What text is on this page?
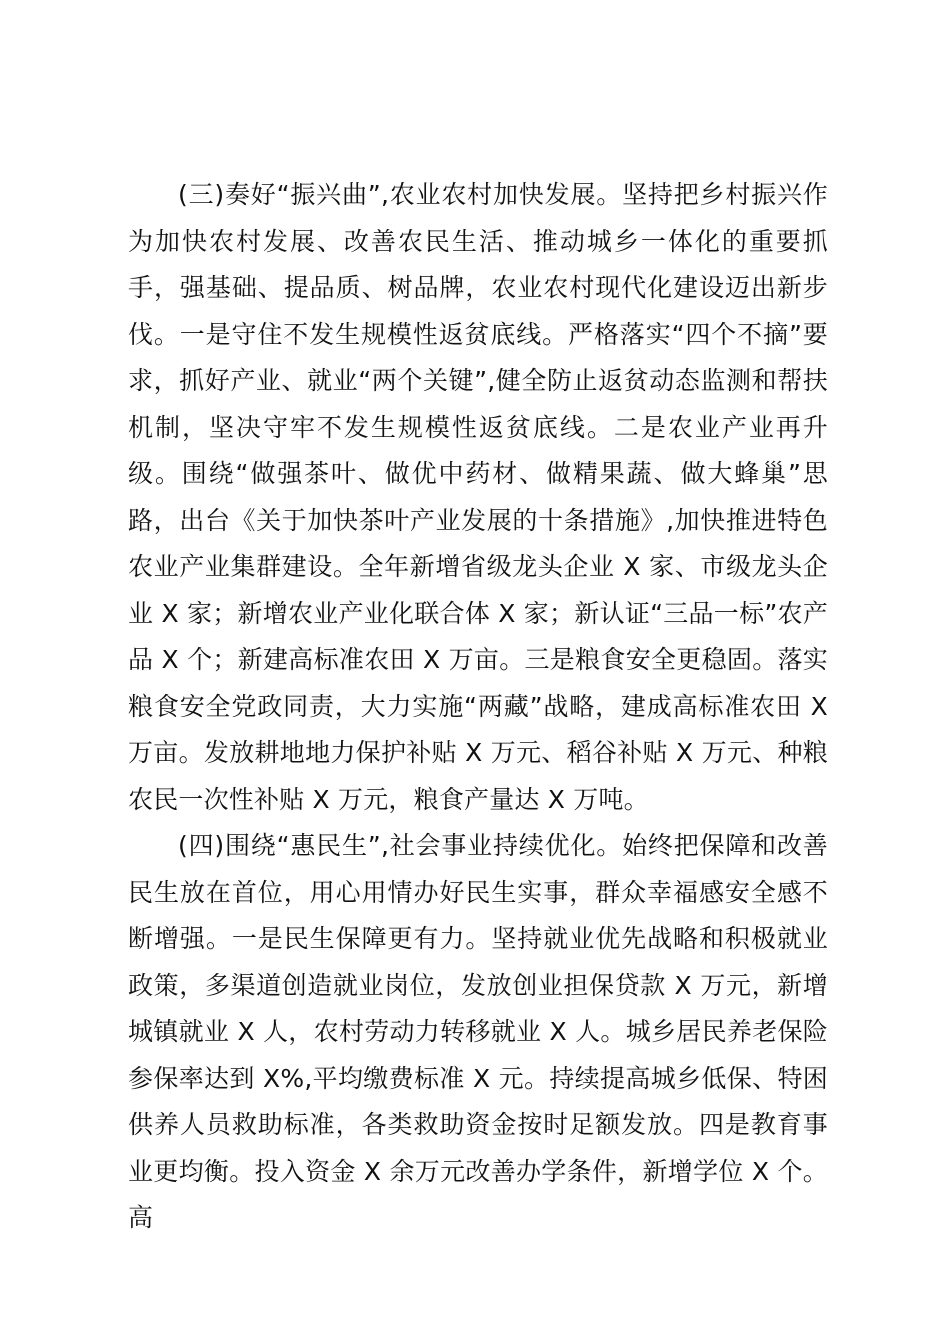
(三)奏好“振兴曲”,农业农村加快发展。坚持把乡村振兴作为加快农村发展、改善农民生活、推动城乡一体化的重要抓手，强基础、提品质、树品牌，农业农村现代化建设迈出新步伐。一是守住不发生规模性返贫底线。严格落实“四个不摘”要求，抓好产业、就业“两个关键”,健全防止返贫动态监测和帮扶机制，坚决守牢不发生规模性返贫底线。二是农业产业再升级。围绕“做强茶叶、做优中药材、做精果蔬、做大蜂巢”思路，出台《关于加快茶叶产业发展的十条措施》,加快推进特色农业产业集群建设。全年新增省级龙头企业 X 家、市级龙头企业 X 家；新增农业产业化联合体 X 家；新认证“三品一标”农产品 X 个；新建高标准农田 X 万亩。三是粮食安全更稳固。落实粮食安全党政同责，大力实施“两藏”战略，建成高标准农田 X 万亩。发放耕地地力保护补贴 X 万元、稻谷补贴 X 万元、种粮农民一次性补贴 X 万元，粮食产量达 X 万吨。

(四)围绕“惠民生”,社会事业持续优化。始终把保障和改善民生放在首位，用心用情办好民生实事，群众幸福感安全感不断增强。一是民生保障更有力。坚持就业优先战略和积极就业政策，多渠道创造就业岗位，发放创业担保贷款 X 万元，新增城镇就业 X 人，农村劳动力转移就业 X 人。城乡居民养老保险参保率达到 X%,平均缴费标准 X 元。持续提高城乡低保、特困供养人员救助标准，各类救助资金按时足额发放。四是教育事业更均衡。投入资金 X 余万元改善办学条件，新增学位 X 个。高
